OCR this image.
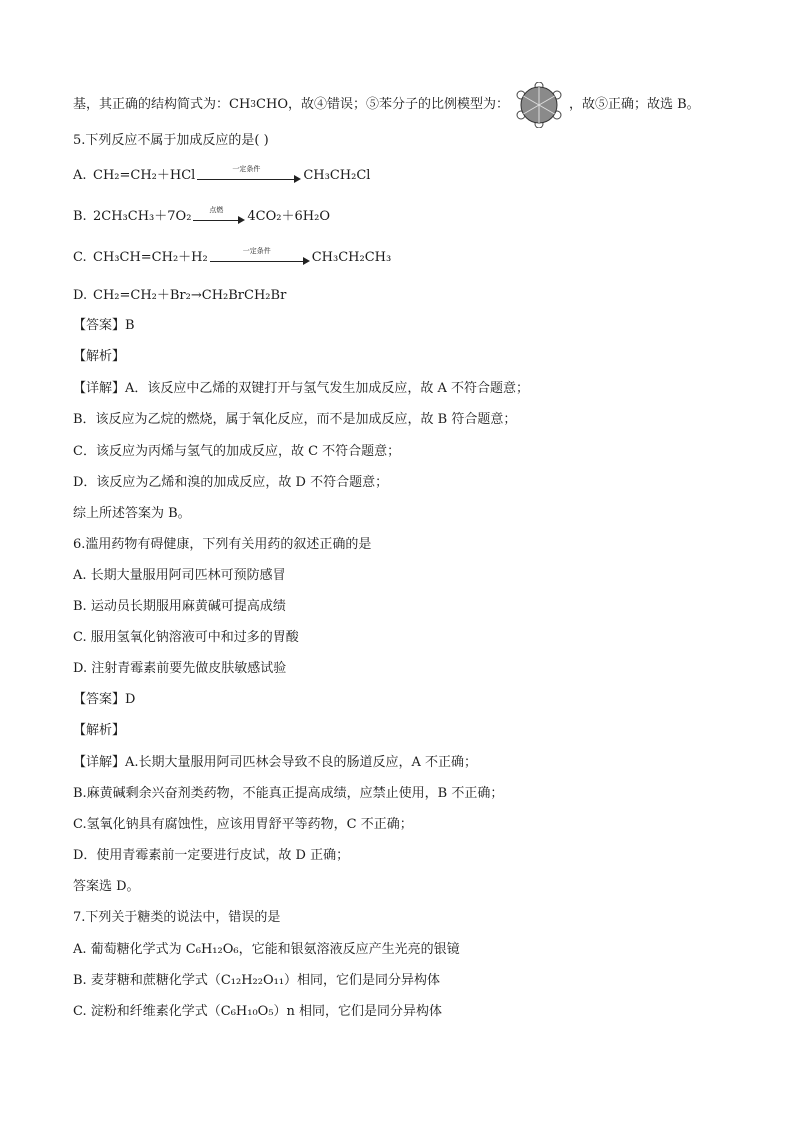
基，其正确的结构简式为：CH 3 CHO，故④错误；⑤苯分子的比例模型为：	，故⑤正确；故选 B。
5.下列反应不属于加成反应的是( )
A. CH₂=CH₂＋HCl	一定条件	CH₃CH₂Cl
B. 2CH₃CH₃＋7O₂	点燃	4CO₂＋6H₂O
C. CH₃CH=CH₂＋H₂	一定条件	CH₃CH₂CH₃
D. CH₂=CH₂＋Br₂→CH₂BrCH₂Br
【答案】B
【解析】
【详解】A．该反应中乙烯的双键打开与氢气发生加成反应，故 A 不符合题意；
B．该反应为乙烷的燃烧，属于氧化反应，而不是加成反应，故 B 符合题意；
C．该反应为丙烯与氢气的加成反应，故 C 不符合题意；
D．该反应为乙烯和溴的加成反应，故 D 不符合题意；
综上所述答案为 B。
6.滥用药物有碍健康，下列有关用药的叙述正确的是
A. 长期大量服用阿司匹林可预防感冒
B. 运动员长期服用麻黄碱可提高成绩
C. 服用氢氧化钠溶液可中和过多的胃酸
D. 注射青霉素前要先做皮肤敏感试验
【答案】D
【解析】
【详解】A.长期大量服用阿司匹林会导致不良的肠道反应，A 不正确；
B.麻黄碱剩余兴奋剂类药物，不能真正提高成绩，应禁止使用，B 不正确；
C.氢氧化钠具有腐蚀性，应该用胃舒平等药物，C 不正确；
D．使用青霉素前一定要进行皮试，故 D 正确；
答案选 D。
7.下列关于糖类的说法中，错误的是
A. 葡萄糖化学式为 C₆H₁₂O₆，它能和银氨溶液反应产生光亮的银镜
B. 麦芽糖和蔗糖化学式（C₁₂H₂₂O₁₁）相同，它们是同分异构体
C. 淀粉和纤维素化学式（C₆H₁₀O₅）n 相同，它们是同分异构体
